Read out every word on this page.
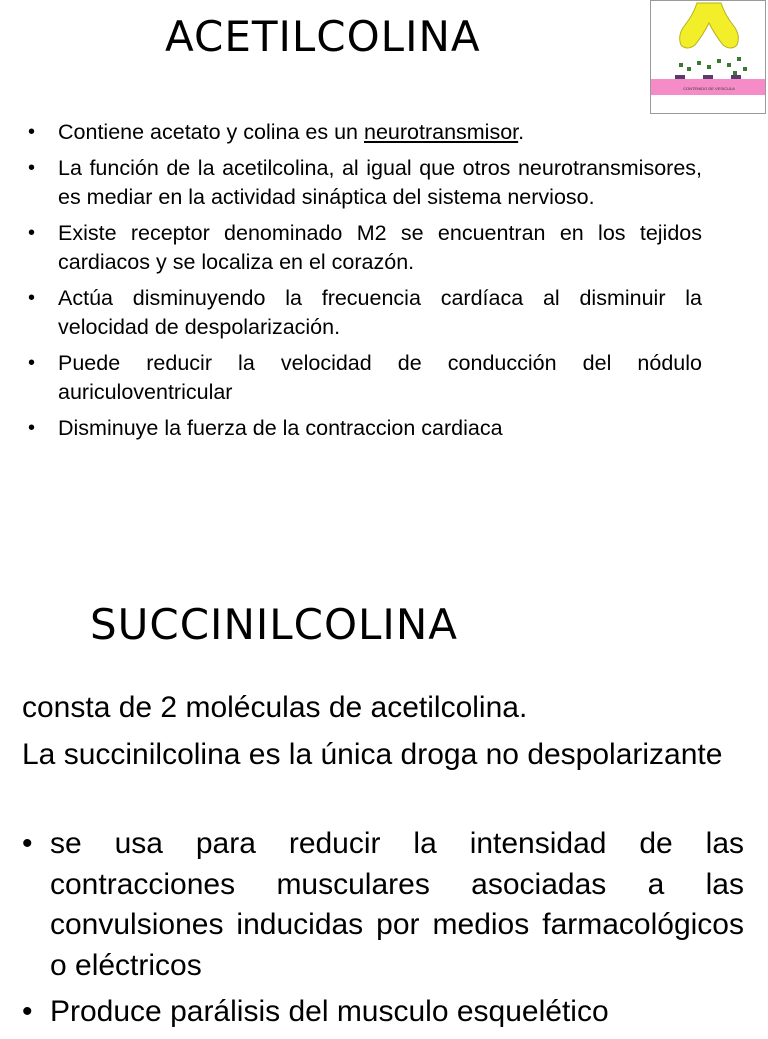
ACETILCOLINA
CONTENIDO DE VESICULA
• Contiene acetato y colina es un neurotransmisor.
• La función de la acetilcolina, al igual que otros neurotransmisores, es mediar en la actividad sináptica del sistema nervioso.
• Existe receptor denominado M2 se encuentran en los tejidos cardiacos y se localiza en el corazón.
• Actúa disminuyendo la frecuencia cardíaca al disminuir la velocidad de despolarización.
• Puede reducir la velocidad de conducción del nódulo auriculoventricular
• Disminuye la fuerza de la contraccion cardiaca
SUCCINILCOLINA

consta de 2 moléculas de acetilcolina.

La succinilcolina es la única droga no despolarizante

• se usa para reducir la intensidad de las contracciones musculares asociadas a las convulsiones inducidas por medios farmacológicos o eléctricos
• Produce parálisis del musculo esquelético
